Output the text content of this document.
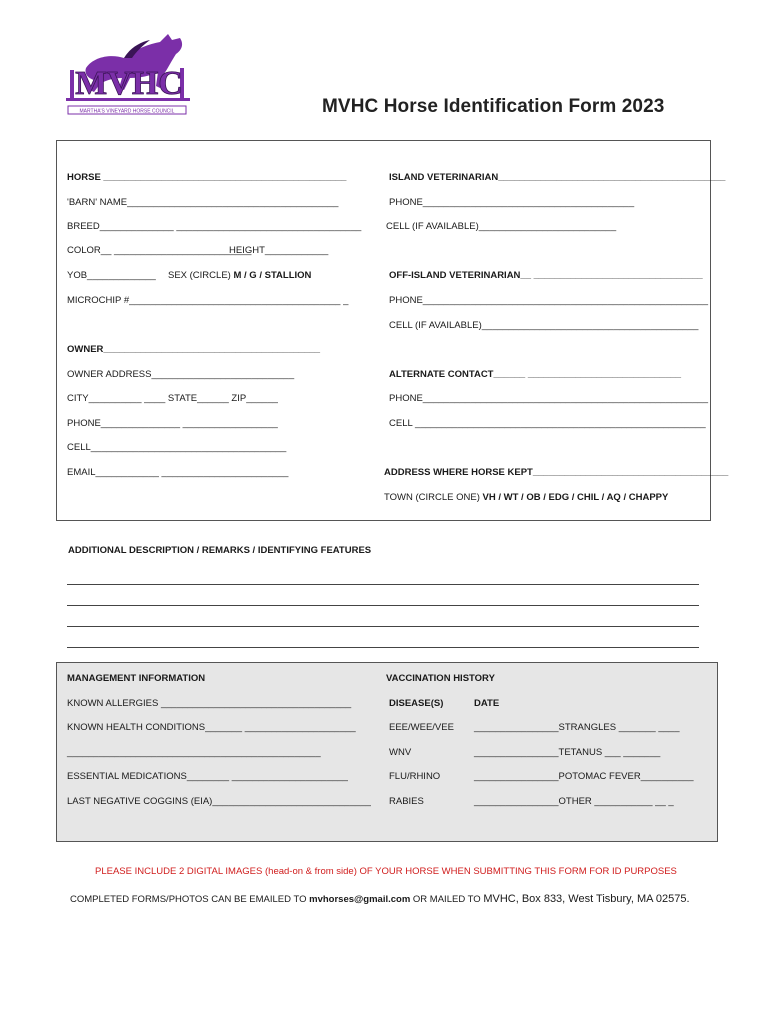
MVHC
MARTHA'S VINEYARD HORSE COUNCIL	MVHC Horse Identification Form 2023
HORSE ______________________________________________
'BARN' NAME________________________________________
BREED______________ ___________________________________
COLOR__ __________________________
HEIGHT____________
YOB_____________ SEX (CIRCLE) M / G / STALLION
MICROCHIP #________________________________________ _
ISLAND VETERINARIAN___________________________________________
PHONE________________________________________
CELL (IF AVAILABLE)__________________________
OFF-ISLAND VETERINARIAN__ ________________________________
PHONE______________________________________________________
CELL (IF AVAILABLE)_________________________________________
OWNER_________________________________________
OWNER ADDRESS___________________________
CITY__________ ____ STATE______ ZIP______
PHONE_______________ __________________
CELL_____________________________________
EMAIL____________ ________________________
ALTERNATE CONTACT______ _____________________________
PHONE______________________________________________________
CELL _______________________________________________________
ADDRESS WHERE HORSE KEPT_____________________________________
TOWN (CIRCLE ONE) VH / WT / OB / EDG / CHIL / AQ / CHAPPY
ADDITIONAL DESCRIPTION / REMARKS / IDENTIFYING FEATURES
MANAGEMENT INFORMATION
KNOWN ALLERGIES ____________________________________
KNOWN HEALTH CONDITIONS_______ _____________________
________________________________________________
ESSENTIAL MEDICATIONS________ ______________________
LAST NEGATIVE COGGINS (EIA)______________________________
VACCINATION HISTORY
DISEASE(S)	DATE
EEE/WEE/VEE ________________STRANGLES _______ ____
WNV	________________TETANUS ___ _______
FLU/RHINO	________________POTOMAC FEVER__________
RABIES	________________OTHER ___________ __ _
PLEASE INCLUDE 2 DIGITAL IMAGES (head-on & from side) OF YOUR HORSE WHEN SUBMITTING THIS FORM FOR ID PURPOSES
COMPLETED FORMS/PHOTOS CAN BE EMAILED TO mvhorses@gmail.com OR MAILED TO MVHC, Box 833, West Tisbury, MA 02575.
